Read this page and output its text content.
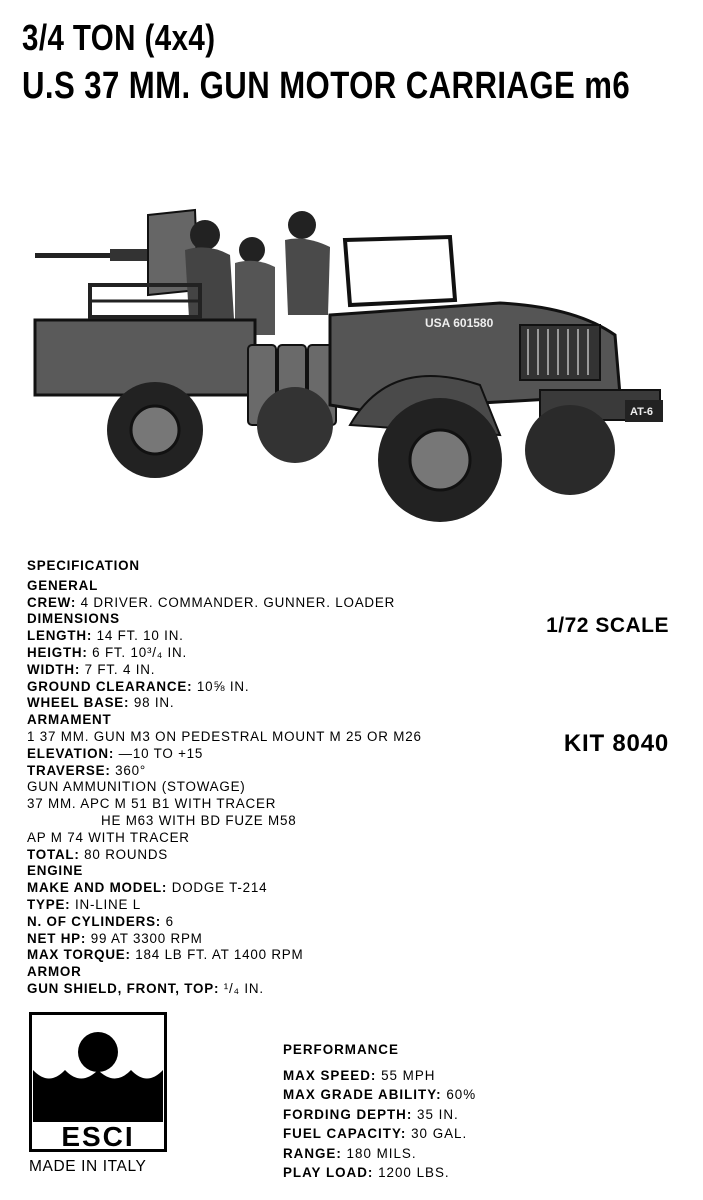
3/4 TON (4x4)
U.S 37 MM. GUN MOTOR CARRIAGE m6
USA 601580
AT-6
SPECIFICATION
GENERAL
CREW: 4 DRIVER. COMMANDER. GUNNER. LOADER
DIMENSIONS
LENGTH: 14 FT. 10 IN.
HEIGTH: 6 FT. 10³/₄ IN.
WIDTH: 7 FT. 4 IN.
GROUND CLEARANCE: 10⅝ IN.
WHEEL BASE: 98 IN.
ARMAMENT
1 37 MM. GUN M3 ON PEDESTRAL MOUNT M 25 OR M26
ELEVATION: —10 TO +15
TRAVERSE: 360°
GUN AMMUNITION (STOWAGE)
37 MM. APC M 51 B1 WITH TRACER
HE M63 WITH BD FUZE M58
AP M 74 WITH TRACER
TOTAL: 80 ROUNDS
ENGINE
MAKE AND MODEL: DODGE T-214
TYPE: IN-LINE L
N. OF CYLINDERS: 6
NET HP: 99 AT 3300 RPM
MAX TORQUE: 184 LB FT. AT 1400 RPM
ARMOR
GUN SHIELD, FRONT, TOP: ¹/₄ IN.
1/72 SCALE
KIT 8040
ESCI
MADE IN ITALY
PERFORMANCE
MAX SPEED: 55 MPH
MAX GRADE ABILITY: 60%
FORDING DEPTH: 35 IN.
FUEL CAPACITY: 30 GAL.
RANGE: 180 MILS.
PLAY LOAD: 1200 LBS.
